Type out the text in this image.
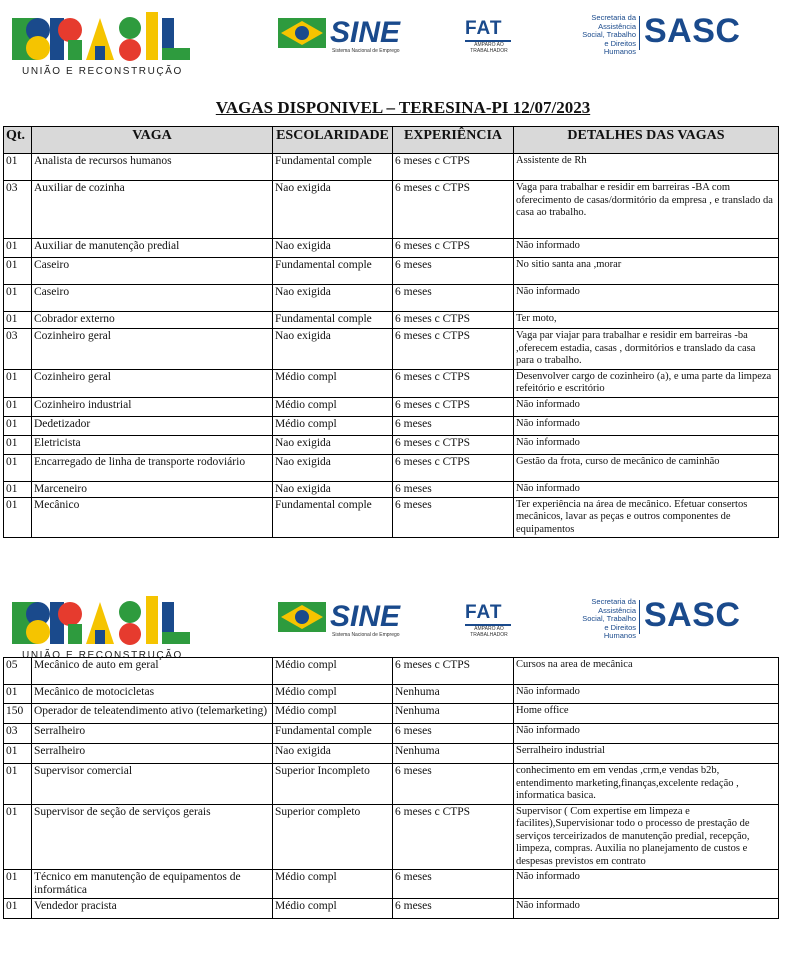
UNIÃO E RECONSTRUÇÃO
SINE
Sistema Nacional de Emprego
FAT
AMPARO AO TRABALHADOR
Secretaria da Assistência Social, Trabalho e Direitos Humanos
SASC
VAGAS DISPONIVEL – TERESINA-PI 12/07/2023
Qt.	VAGA	ESCOLARIDADE	EXPERIÊNCIA	DETALHES DAS VAGAS
01	Analista de recursos humanos	Fundamental comple	6 meses c CTPS	Assistente de Rh
03	Auxiliar de cozinha	Nao exigida	6 meses c CTPS	Vaga para trabalhar e residir em barreiras -BA com oferecimento de casas/dormitório da empresa , e translado da casa ao trabalho.
01	Auxiliar de manutenção predial	Nao exigida	6 meses c CTPS	Não informado
01	Caseiro	Fundamental comple	6 meses	No sitio santa ana ,morar
01	Caseiro	Nao exigida	6 meses	Não informado
01	Cobrador externo	Fundamental comple	6 meses c CTPS	Ter moto,
03	Cozinheiro geral	Nao exigida	6 meses c CTPS	Vaga par viajar para trabalhar e residir em barreiras -ba ,oferecem estadia, casas , dormitórios e translado da casa para o trabalho.
01	Cozinheiro geral	Médio compl	6 meses c CTPS	Desenvolver cargo de cozinheiro (a), e uma parte da limpeza refeitório e escritório
01	Cozinheiro industrial	Médio compl	6 meses c CTPS	Não informado
01	Dedetizador	Médio compl	6 meses	Não informado
01	Eletricista	Nao exigida	6 meses c CTPS	Não informado
01	Encarregado de linha de transporte rodoviário	Nao exigida	6 meses c CTPS	Gestão da frota, curso de mecânico de caminhão
01	Marceneiro	Nao exigida	6 meses	Não informado
01	Mecânico	Fundamental comple	6 meses	Ter experiência na área de mecânico. Efetuar consertos mecânicos, lavar as peças e outros componentes de equipamentos
UNIÃO E RECONSTRUÇÃO
SINE
Sistema Nacional de Emprego
FAT
AMPARO AO TRABALHADOR
Secretaria da Assistência Social, Trabalho e Direitos Humanos
SASC
05	Mecânico de auto em geral	Médio compl	6 meses c CTPS	Cursos na area de mecânica
01	Mecânico de motocicletas	Médio compl	Nenhuma	Não informado
150	Operador de teleatendimento ativo (telemarketing)	Médio compl	Nenhuma	Home office
03	Serralheiro	Fundamental comple	6 meses	Não informado
01	Serralheiro	Nao exigida	Nenhuma	Serralheiro industrial
01	Supervisor comercial	Superior Incompleto	6 meses	conhecimento em em vendas ,crm,e vendas b2b, entendimento marketing,finanças,excelente redação , informatica basica.
01	Supervisor de seção de serviços gerais	Superior completo	6 meses c CTPS	Supervisor ( Com expertise em limpeza e facilites),Supervisionar todo o processo de prestação de serviços terceirizados de manutenção predial, recepção, limpeza, compras. Auxilia no planejamento de custos e despesas previstos em contrato
01	Técnico em manutenção de equipamentos de informática	Médio compl	6 meses	Não informado
01	Vendedor pracista	Médio compl	6 meses	Não informado
